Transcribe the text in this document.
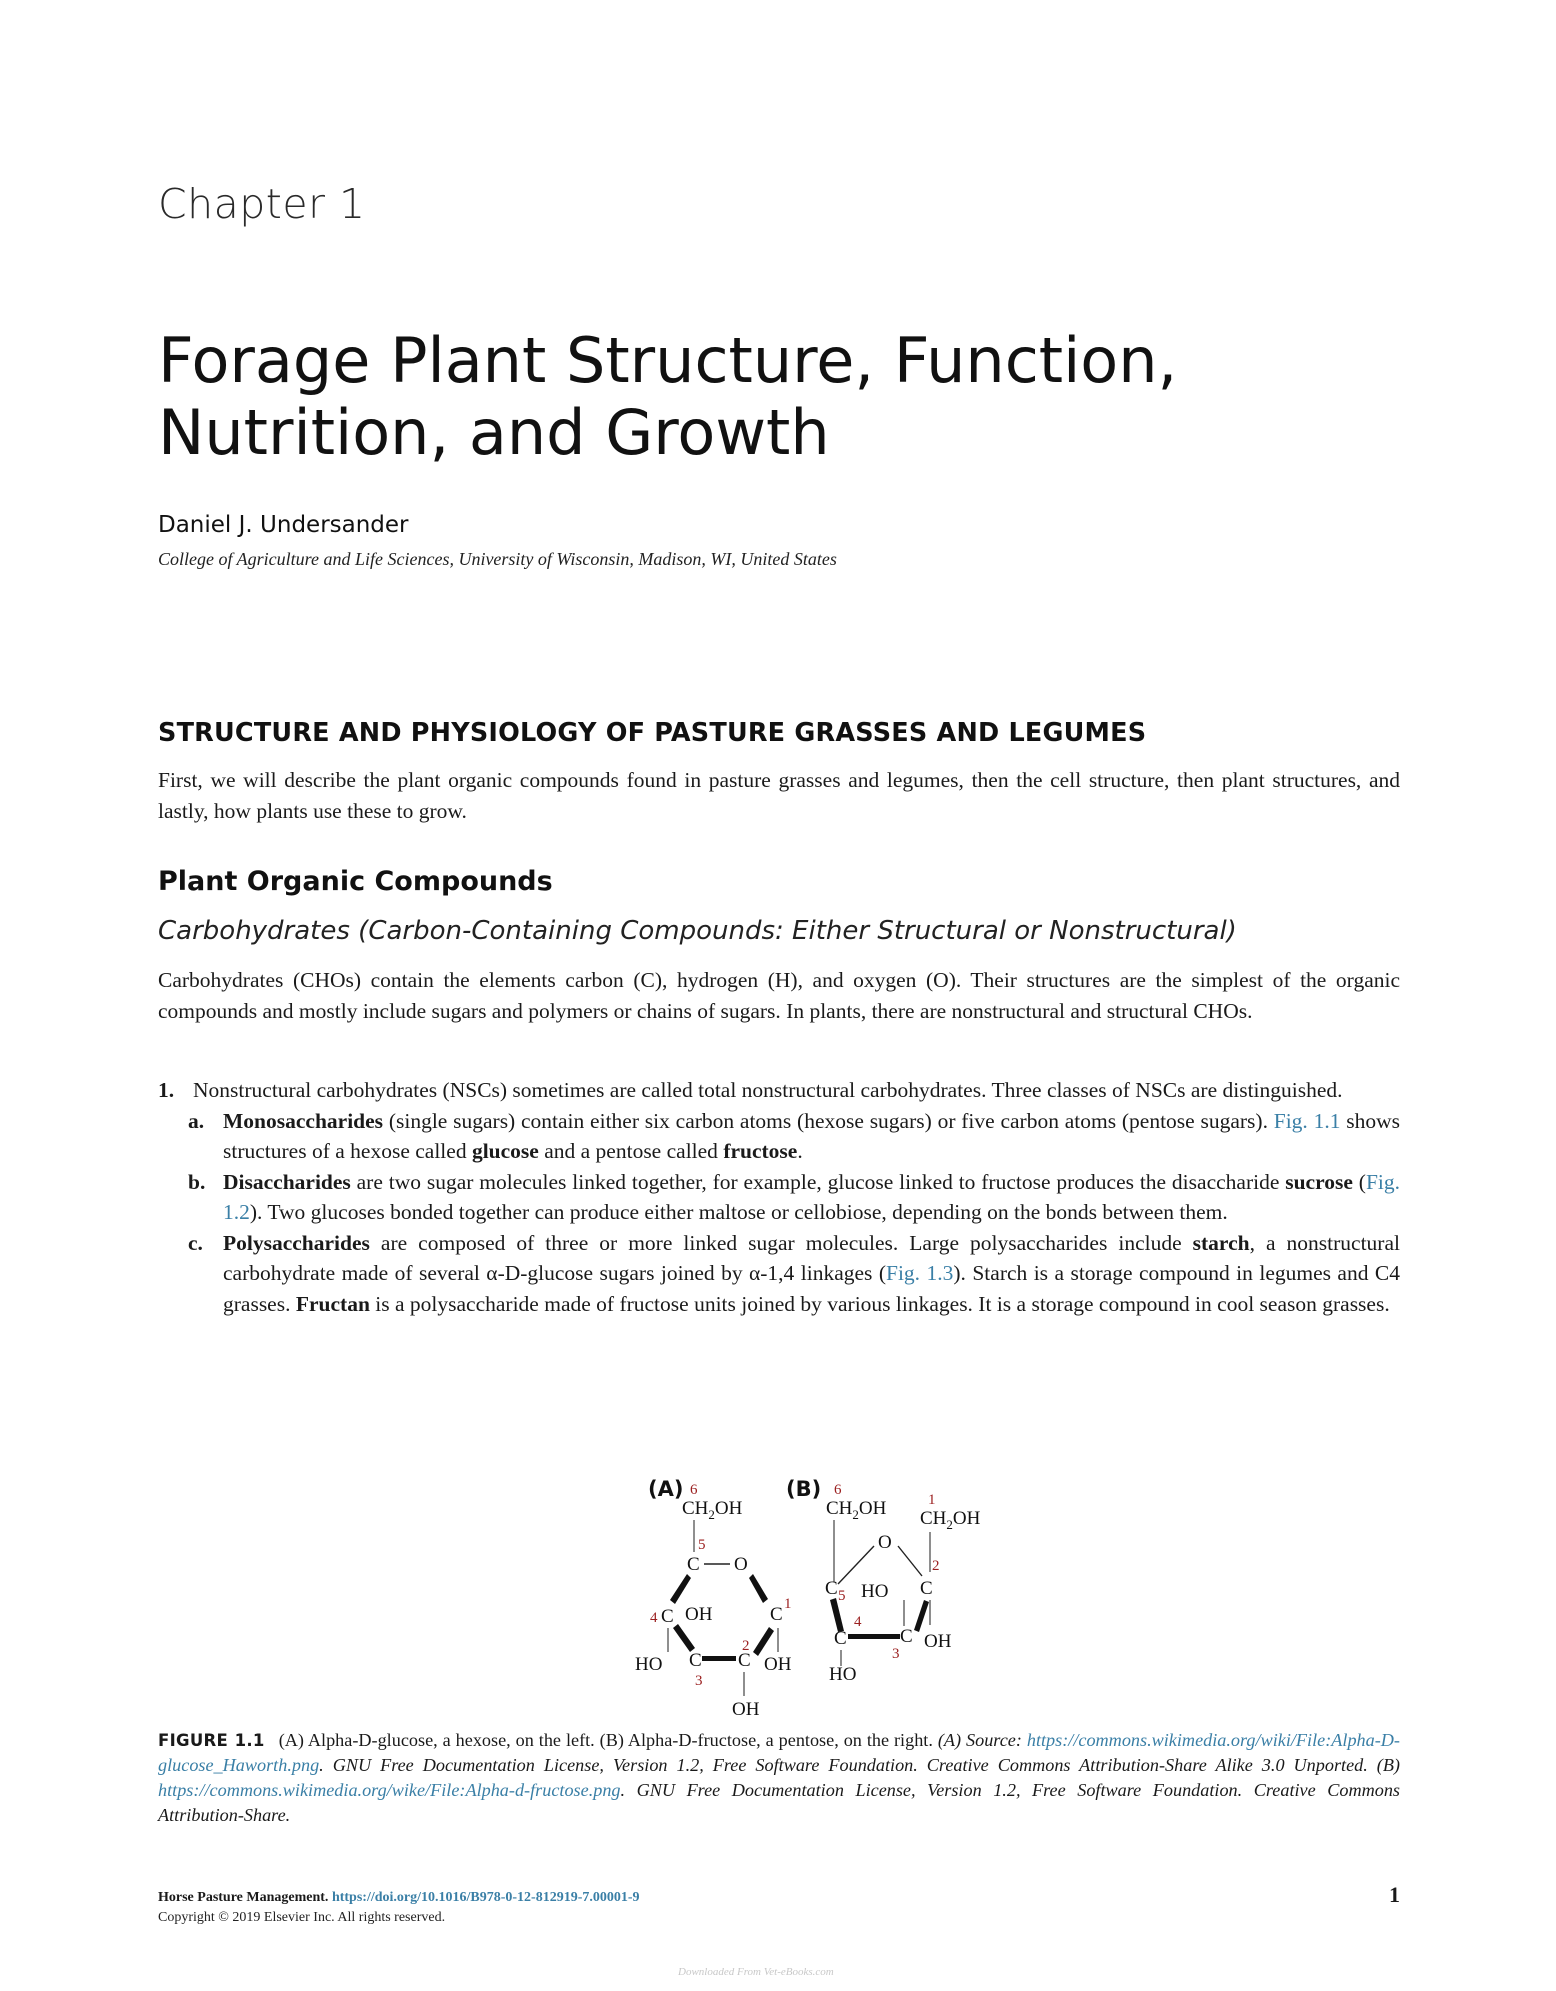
Chapter 1
Forage Plant Structure, Function,
Nutrition, and Growth
Daniel J. Undersander
College of Agriculture and Life Sciences, University of Wisconsin, Madison, WI, United States
STRUCTURE AND PHYSIOLOGY OF PASTURE GRASSES AND LEGUMES

First, we will describe the plant organic compounds found in pasture grasses and legumes, then the cell structure, then plant structures, and lastly, how plants use these to grow.

Plant Organic Compounds
Carbohydrates (Carbon-Containing Compounds: Either Structural or Nonstructural)

Carbohydrates (CHOs) contain the elements carbon (C), hydrogen (H), and oxygen (O). Their structures are the simplest of the organic compounds and mostly include sugars and polymers or chains of sugars. In plants, there are nonstructural and structural CHOs.

1. Nonstructural carbohydrates (NSCs) sometimes are called total nonstructural carbohydrates. Three classes of NSCs are distinguished.
a. Monosaccharides (single sugars) contain either six carbon atoms (hexose sugars) or five carbon atoms (pentose sugars). Fig. 1.1 shows structures of a hexose called glucose and a pentose called fructose.
b. Disaccharides are two sugar molecules linked together, for example, glucose linked to fructose produces the disaccharide sucrose (Fig. 1.2). Two glucoses bonded together can produce either maltose or cellobiose, depending on the bonds between them.
c. Polysaccharides are composed of three or more linked sugar molecules. Large polysaccharides include starch, a nonstructural carbohydrate made of several α-D-glucose sugars joined by α-1,4 linkages (Fig. 1.3). Starch is a storage compound in legumes and C4 grasses. Fructan is a polysaccharide made of fructose units joined by various linkages. It is a storage compound in cool season grasses.
(A) 6
$CH_2OH$
5
C O
C 1
4 C OH
HO C
3
C
2
OH
OH
(B) 6
$CH_2OH$	1
$CH_2OH$
O
2
C 5 HO C
4
C	C
3
OH
HO

FIGURE 1.1 (A) Alpha-D-glucose, a hexose, on the left. (B) Alpha-D-fructose, a pentose, on the right. (A) Source: https://commons.wikimedia.org/wiki/File:Alpha-D-glucose_Haworth.png. GNU Free Documentation License, Version 1.2, Free Software Foundation. Creative Commons Attribution-Share Alike 3.0 Unported. (B) https://commons.wikimedia.org/wike/File:Alpha-d-fructose.png. GNU Free Documentation License, Version 1.2, Free Software Foundation. Creative Commons Attribution-Share.

Horse Pasture Management. https://doi.org/10.1016/B978-0-12-812919-7.00001-9
Copyright © 2019 Elsevier Inc. All rights reserved.
1
Downloaded From Vet-eBooks.com
